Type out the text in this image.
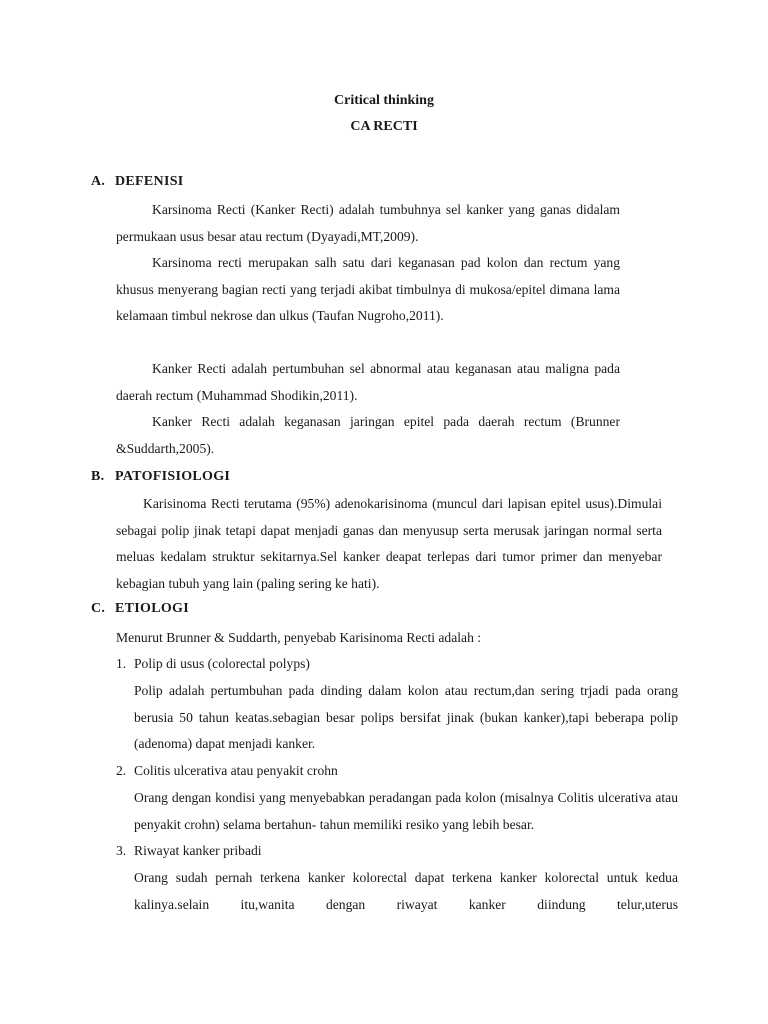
Critical thinking
CA RECTI
A. DEFENISI

Karsinoma Recti (Kanker Recti) adalah tumbuhnya sel kanker yang ganas didalam permukaan usus besar atau rectum (Dyayadi,MT,2009).

Karsinoma recti merupakan salh satu dari keganasan pad kolon dan rectum yang khusus menyerang bagian recti yang terjadi akibat timbulnya di mukosa/epitel dimana lama kelamaan timbul nekrose dan ulkus (Taufan Nugroho,2011).

Kanker Recti adalah pertumbuhan sel abnormal atau keganasan atau maligna pada daerah rectum (Muhammad Shodikin,2011).

Kanker Recti adalah keganasan jaringan epitel pada daerah rectum (Brunner &Suddarth,2005).

B. PATOFISIOLOGI

Karisinoma Recti terutama (95%) adenokarisinoma (muncul dari lapisan epitel usus).Dimulai sebagai polip jinak tetapi dapat menjadi ganas dan menyusup serta merusak jaringan normal serta meluas kedalam struktur sekitarnya.Sel kanker deapat terlepas dari tumor primer dan menyebar kebagian tubuh yang lain (paling sering ke hati).

C. ETIOLOGI

Menurut Brunner & Suddarth, penyebab Karisinoma Recti adalah :

1. Polip di usus (colorectal polyps)

Polip adalah pertumbuhan pada dinding dalam kolon atau rectum,dan sering trjadi pada orang berusia 50 tahun keatas.sebagian besar polips bersifat jinak (bukan kanker),tapi beberapa polip (adenoma) dapat menjadi kanker.

2. Colitis ulcerativa atau penyakit crohn

Orang dengan kondisi yang menyebabkan peradangan pada kolon (misalnya Colitis ulcerativa atau penyakit crohn) selama bertahun- tahun memiliki resiko yang lebih besar.

3. Riwayat kanker pribadi

Orang sudah pernah terkena kanker kolorectal dapat terkena kanker kolorectal untuk kedua kalinya.selain itu,wanita dengan riwayat kanker diindung telur,uterus
